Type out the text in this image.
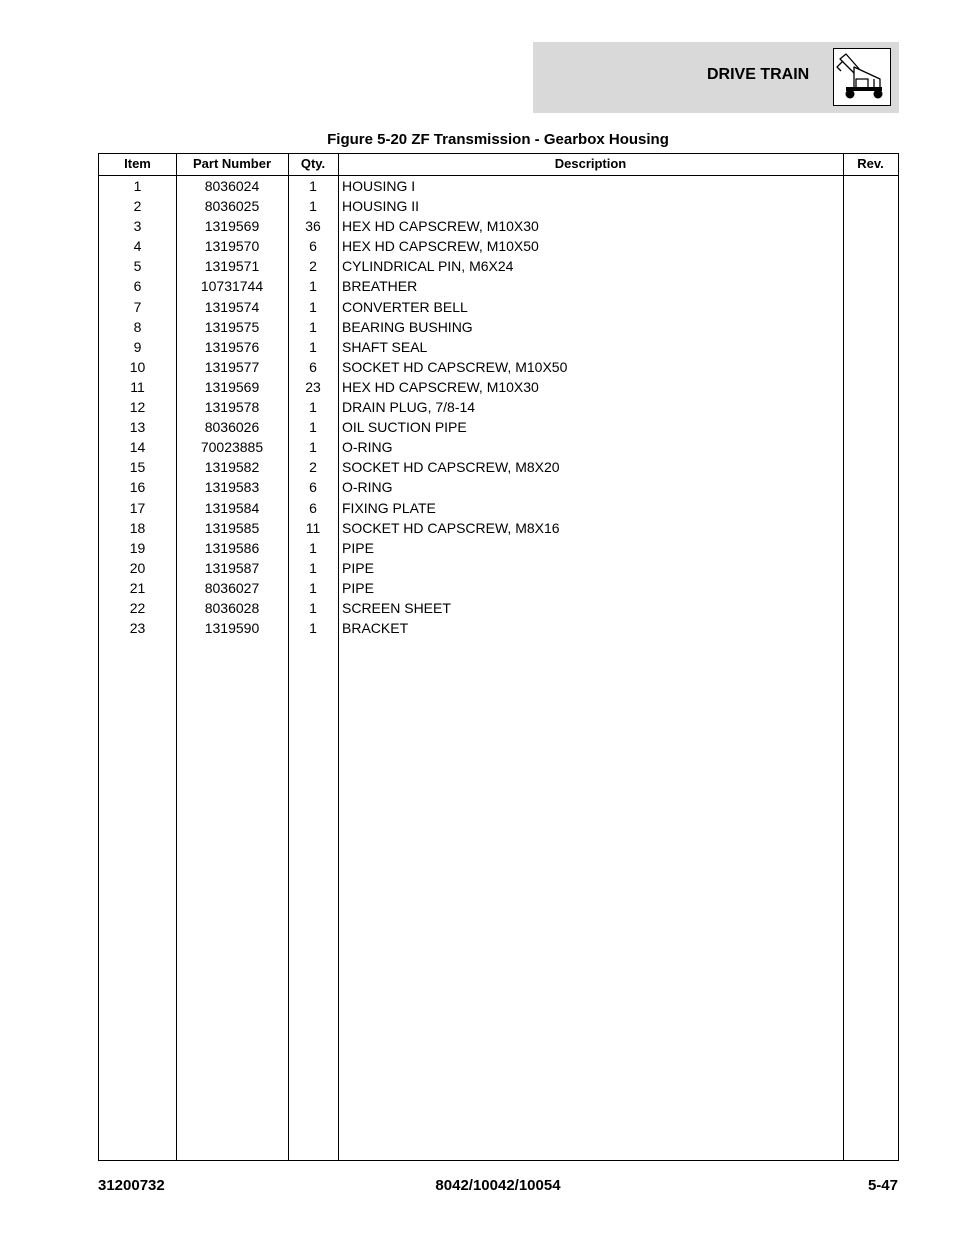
DRIVE TRAIN
Figure 5-20 ZF Transmission - Gearbox Housing
Item	Part Number	Qty.	Description	Rev.
1	8036024	1	HOUSING I
2	8036025	1	HOUSING II
3	1319569	36	HEX HD CAPSCREW, M10X30
4	1319570	6	HEX HD CAPSCREW, M10X50
5	1319571	2	CYLINDRICAL PIN, M6X24
6	10731744	1	BREATHER
7	1319574	1	CONVERTER BELL
8	1319575	1	BEARING BUSHING
9	1319576	1	SHAFT SEAL
10	1319577	6	SOCKET HD CAPSCREW, M10X50
11	1319569	23	HEX HD CAPSCREW, M10X30
12	1319578	1	DRAIN PLUG, 7/8-14
13	8036026	1	OIL SUCTION PIPE
14	70023885	1	O-RING
15	1319582	2	SOCKET HD CAPSCREW, M8X20
16	1319583	6	O-RING
17	1319584	6	FIXING PLATE
18	1319585	11	SOCKET HD CAPSCREW, M8X16
19	1319586	1	PIPE
20	1319587	1	PIPE
21	8036027	1	PIPE
22	8036028	1	SCREEN SHEET
23	1319590	1	BRACKET
31200732	8042/10042/10054	5-47
